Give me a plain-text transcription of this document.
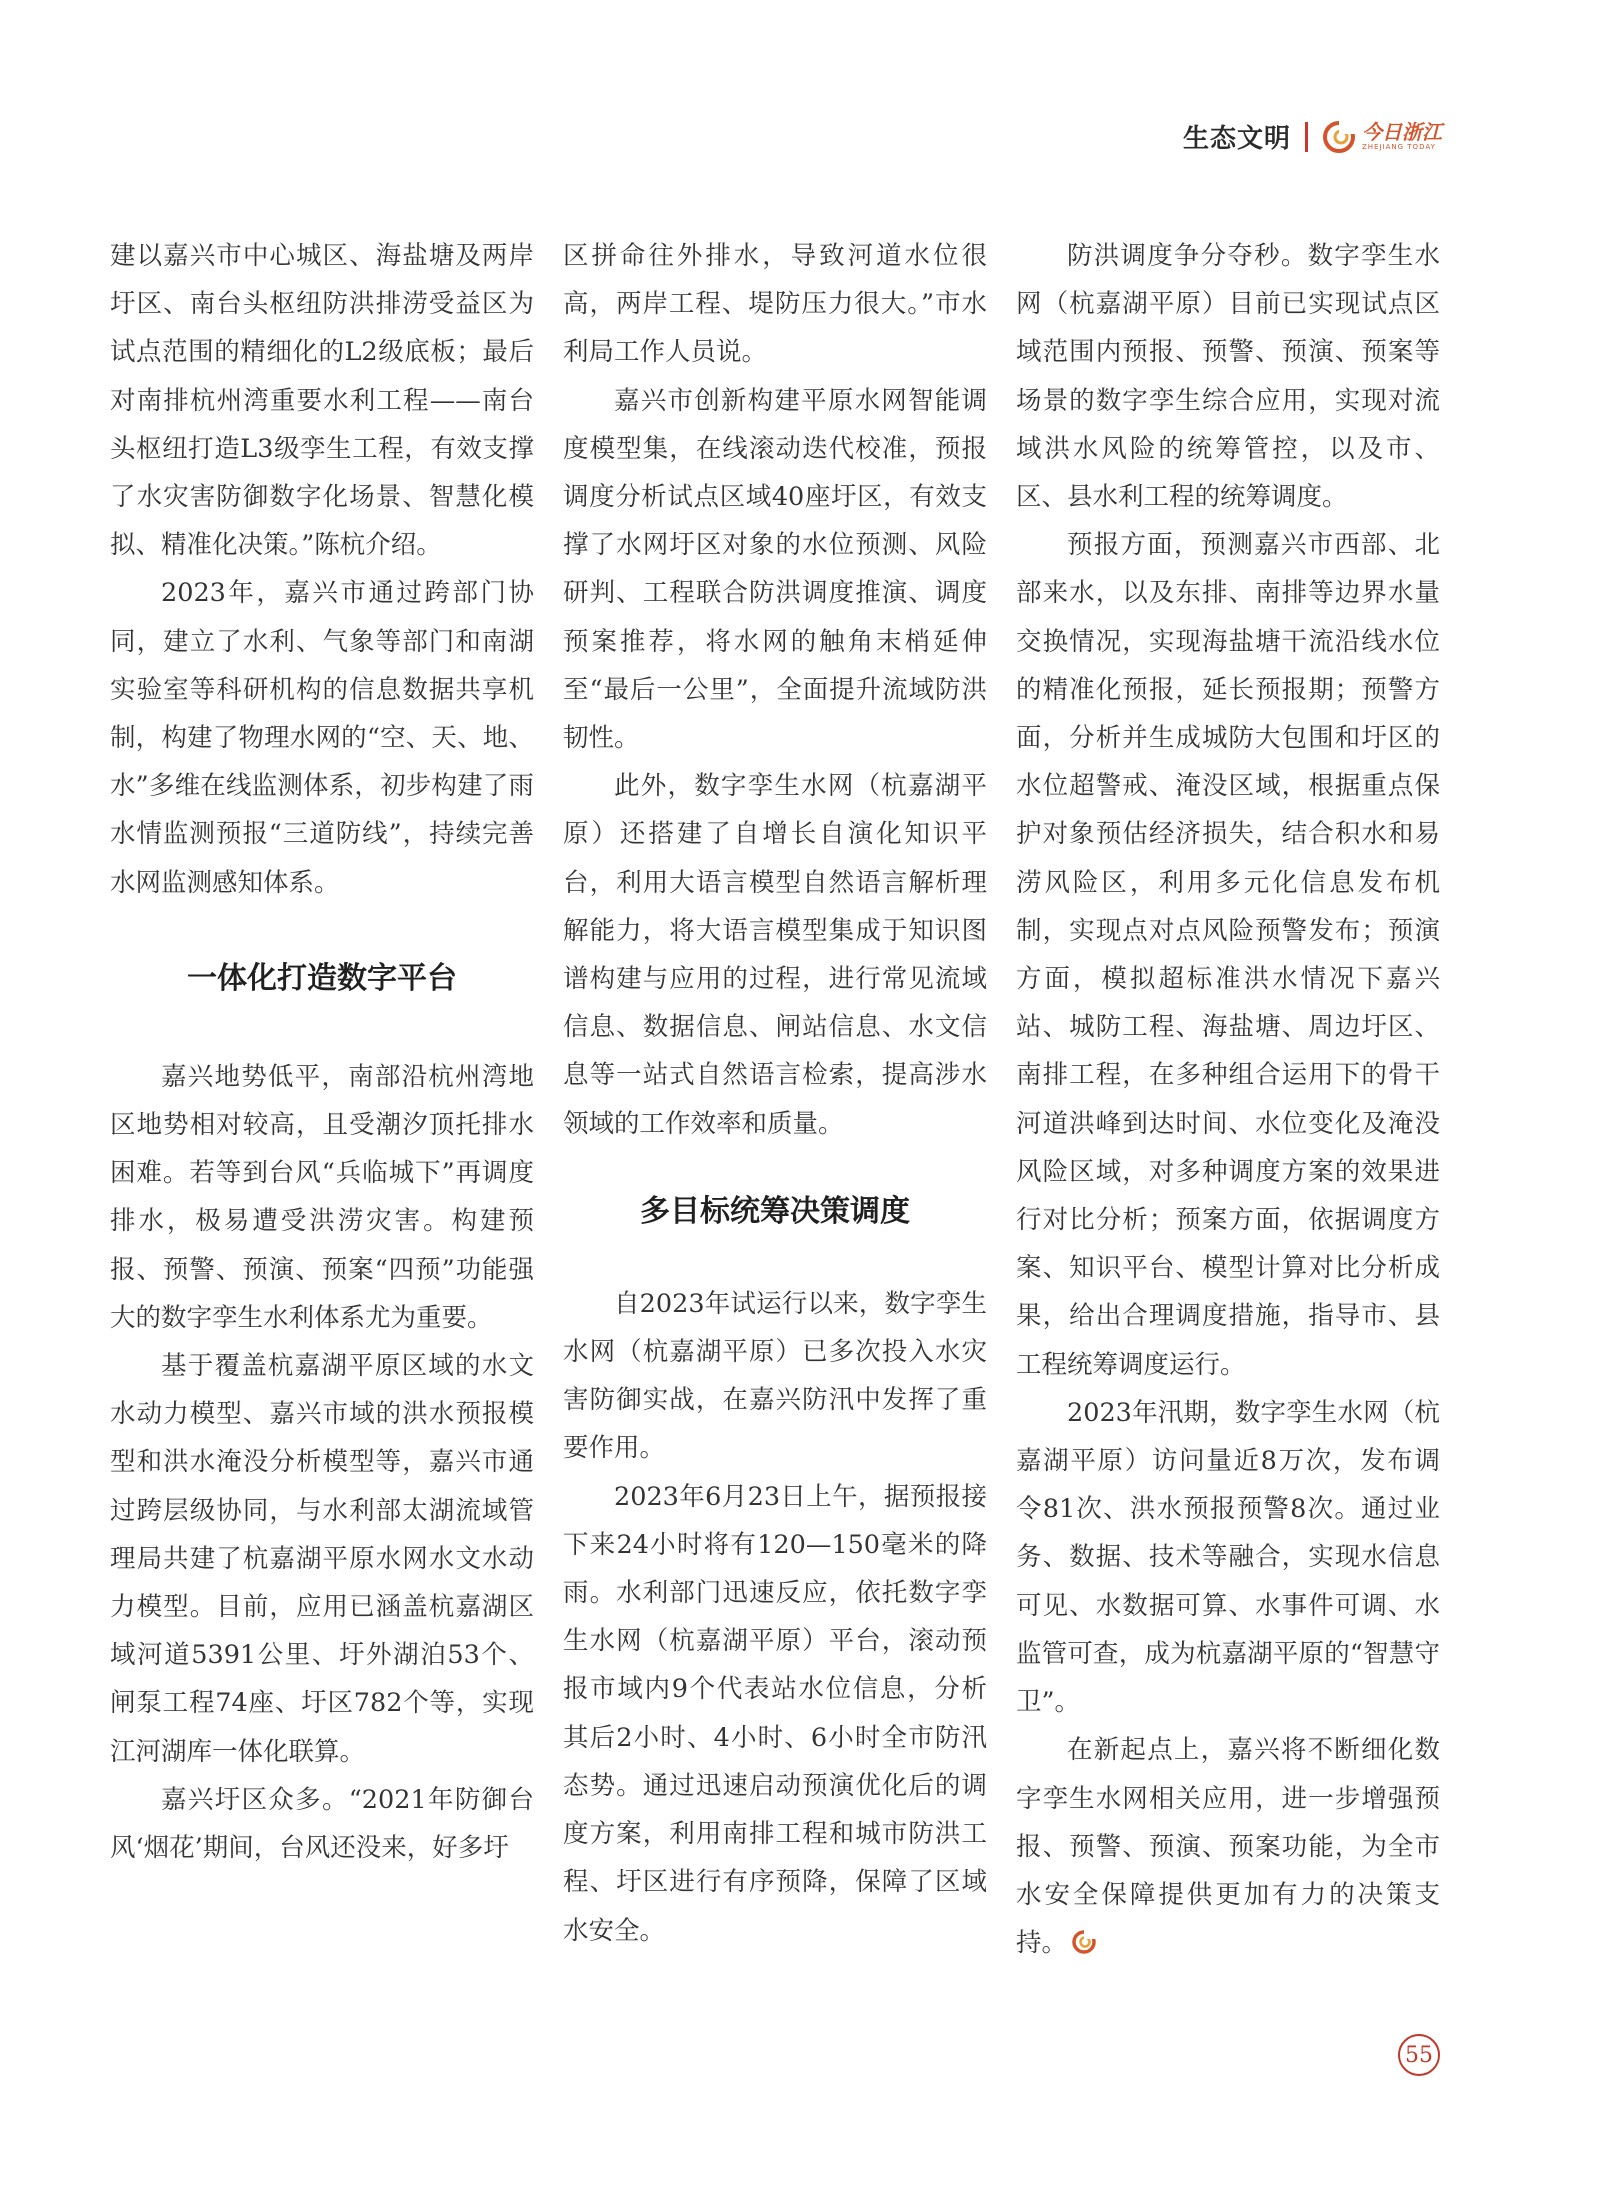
生态文明	今日浙江
ZHEJIANG TODAY

建以嘉兴市中心城区、海盐塘及两岸圩区、南台头枢纽防洪排涝受益区为试点范围的精细化的L2级底板；最后对南排杭州湾重要水利工程——南台头枢纽打造L3级孪生工程，有效支撑了水灾害防御数字化场景、智慧化模拟、精准化决策。”陈杭介绍。

2023年，嘉兴市通过跨部门协同，建立了水利、气象等部门和南湖实验室等科研机构的信息数据共享机制，构建了物理水网的“空、天、地、水”多维在线监测体系，初步构建了雨水情监测预报“三道防线”，持续完善水网监测感知体系。

一体化打造数字平台

嘉兴地势低平，南部沿杭州湾地区地势相对较高，且受潮汐顶托排水困难。若等到台风“兵临城下”再调度排水，极易遭受洪涝灾害。构建预报、预警、预演、预案“四预”功能强大的数字孪生水利体系尤为重要。

基于覆盖杭嘉湖平原区域的水文水动力模型、嘉兴市域的洪水预报模型和洪水淹没分析模型等，嘉兴市通过跨层级协同，与水利部太湖流域管理局共建了杭嘉湖平原水网水文水动力模型。目前，应用已涵盖杭嘉湖区域河道5391公里、圩外湖泊53个、闸泵工程74座、圩区782个等，实现江河湖库一体化联算。

嘉兴圩区众多。“2021年防御台风‘烟花’期间，台风还没来，好多圩

区拼命往外排水，导致河道水位很高，两岸工程、堤防压力很大。”市水利局工作人员说。

嘉兴市创新构建平原水网智能调度模型集，在线滚动迭代校准，预报调度分析试点区域40座圩区，有效支撑了水网圩区对象的水位预测、风险研判、工程联合防洪调度推演、调度预案推荐，将水网的触角末梢延伸至“最后一公里”，全面提升流域防洪韧性。

此外，数字孪生水网（杭嘉湖平原）还搭建了自增长自演化知识平台，利用大语言模型自然语言解析理解能力，将大语言模型集成于知识图谱构建与应用的过程，进行常见流域信息、数据信息、闸站信息、水文信息等一站式自然语言检索，提高涉水领域的工作效率和质量。

多目标统筹决策调度

自2023年试运行以来，数字孪生水网（杭嘉湖平原）已多次投入水灾害防御实战，在嘉兴防汛中发挥了重要作用。

2023年6月23日上午，据预报接下来24小时将有120—150毫米的降雨。水利部门迅速反应，依托数字孪生水网（杭嘉湖平原）平台，滚动预报市域内9个代表站水位信息，分析其后2小时、4小时、6小时全市防汛态势。通过迅速启动预演优化后的调度方案，利用南排工程和城市防洪工程、圩区进行有序预降，保障了区域水安全。

防洪调度争分夺秒。数字孪生水网（杭嘉湖平原）目前已实现试点区域范围内预报、预警、预演、预案等场景的数字孪生综合应用，实现对流域洪水风险的统筹管控，以及市、区、县水利工程的统筹调度。

预报方面，预测嘉兴市西部、北部来水，以及东排、南排等边界水量交换情况，实现海盐塘干流沿线水位的精准化预报，延长预报期；预警方面，分析并生成城防大包围和圩区的水位超警戒、淹没区域，根据重点保护对象预估经济损失，结合积水和易涝风险区，利用多元化信息发布机制，实现点对点风险预警发布；预演方面，模拟超标准洪水情况下嘉兴站、城防工程、海盐塘、周边圩区、南排工程，在多种组合运用下的骨干河道洪峰到达时间、水位变化及淹没风险区域，对多种调度方案的效果进行对比分析；预案方面，依据调度方案、知识平台、模型计算对比分析成果，给出合理调度措施，指导市、县工程统筹调度运行。

2023年汛期，数字孪生水网（杭嘉湖平原）访问量近8万次，发布调令81次、洪水预报预警8次。通过业务、数据、技术等融合，实现水信息可见、水数据可算、水事件可调、水监管可查，成为杭嘉湖平原的“智慧守卫”。

在新起点上，嘉兴将不断细化数字孪生水网相关应用，进一步增强预报、预警、预演、预案功能，为全市水安全保障提供更加有力的决策支持。

55
